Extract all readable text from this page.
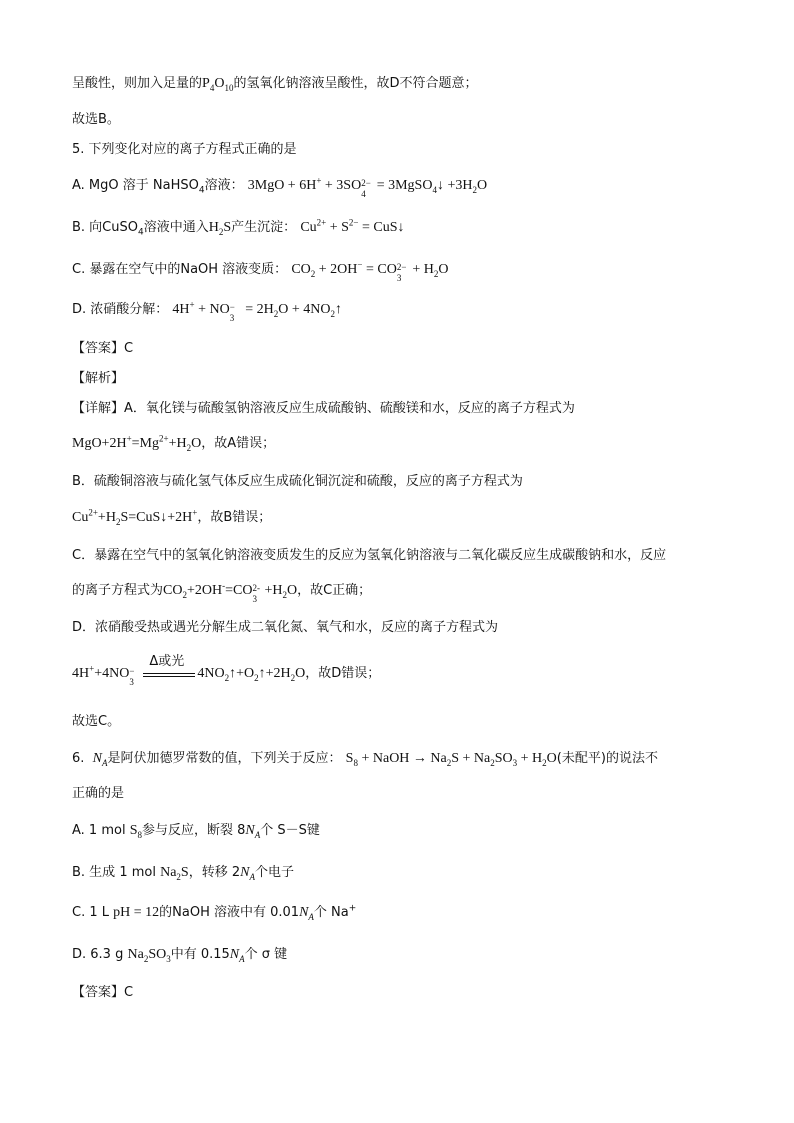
呈酸性，则加入足量的$P_4O_{10}$的氢氧化钠溶液呈酸性，故D不符合题意；
故选B。
5. 下列变化对应的离子方程式正确的是
A. MgO 溶于 NaHSO$_4$溶液： 3MgO + 6H+ + 3SO 2−
4
= 3MgSO$_4$↓ $+3H_2O$
B. 向CuSO$_4$溶液中通入$H_2S$产生沉淀： $Cu^{2+} + S^{2-}$ = CuS↓
C. 暴露在空气中的NaOH 溶液变质： $CO_2 + 2OH^-$ = CO 2−
3
+ $H_2O$
D. 浓硝酸分解： 4H+ + NO −
3
= $2H_2O$ + $4NO_2↑$
【答案】C
【解析】
【详解】A．氧化镁与硫酸氢钠溶液反应生成硫酸钠、硫酸镁和水，反应的离子方程式为
$MgO+2H^+=Mg^{2+}+H_2O$，故A错误；
B．硫酸铜溶液与硫化氢气体反应生成硫化铜沉淀和硫酸，反应的离子方程式为
$Cu^{2+}+H_2S=CuS↓+2H^+$，故B错误；
C．暴露在空气中的氢氧化钠溶液变质发生的反应为氢氧化钠溶液与二氧化碳反应生成碳酸钠和水，反应
的离子方程式为$CO_2+2OH^-=CO$ 2-
3
$+H_2O$，故C正确；
D．浓硝酸受热或遇光分解生成二氧化氮、氧气和水，反应的离子方程式为
4H++4NO −
3
Δ或光
$4NO_2↑+O_2↑+2H_2O$，故D错误；
故选C。
6.  $N_A$是阿伏加德罗常数的值，下列关于反应： $S_8$ + NaOH → $Na_2S + Na_2SO_3 + H_2O$(未配平)的说法不
正确的是
A. 1 mol $S_8$参与反应，断裂 $8N_A$个 S－S键
B. 生成 1 mol $Na_2S$，转移 $2N_A$个电子
C. 1 L pH = 12的NaOH 溶液中有 $0.01N_A$个 Na+
D. 6.3 g $Na_2SO_3$中有 $0.15N_A$个 σ 键
【答案】C
